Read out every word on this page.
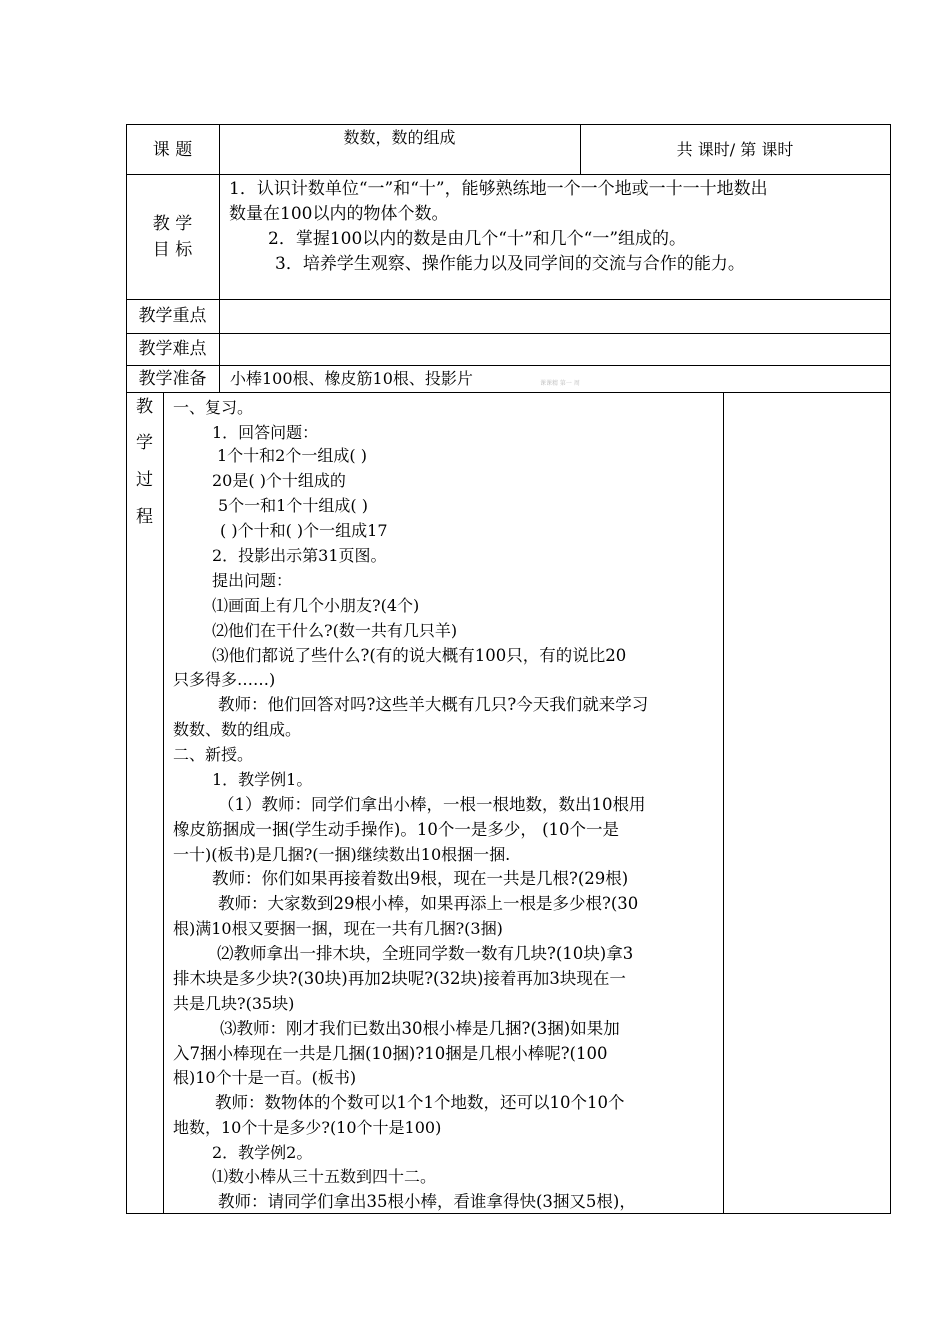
课 题
数数，数的组成
共 课时/ 第 课时
教 学
目 标
1．认识计数单位“一”和“十”，能够熟练地一个一个地或一十一十地数出
数量在100以内的物体个数。
2．掌握100以内的数是由几个“十”和几个“一”组成的。
3．培养学生观察、操作能力以及同学间的交流与合作的能力。
教学重点
教学难点
教学准备	小棒100根、橡皮筋10根、投影片	课课精 第一 周
教
学
过
程
一、复习。
1．回答问题：
1个十和2个一组成( )
20是( )个十组成的
5个一和1个十组成( )
( )个十和( )个一组成17
2．投影出示第31页图。
提出问题：
⑴画面上有几个小朋友?(4个)
⑵他们在干什么?(数一共有几只羊)
⑶他们都说了些什么?(有的说大概有100只，有的说比20
只多得多……)
教师：他们回答对吗?这些羊大概有几只?今天我们就来学习
数数、数的组成。
二、新授。
1．教学例1。
（1）教师：同学们拿出小棒，一根一根地数，数出10根用
橡皮筋捆成一捆(学生动手操作)。10个一是多少， (10个一是
一十)(板书)是几捆?(一捆)继续数出10根捆一捆.
教师：你们如果再接着数出9根，现在一共是几根?(29根)
教师：大家数到29根小棒，如果再添上一根是多少根?(30
根)满10根又要捆一捆，现在一共有几捆?(3捆)
⑵教师拿出一排木块，全班同学数一数有几块?(10块)拿3
排木块是多少块?(30块)再加2块呢?(32块)接着再加3块现在一
共是几块?(35块)
⑶教师：刚才我们已数出30根小棒是几捆?(3捆)如果加
入7捆小棒现在一共是几捆(10捆)?10捆是几根小棒呢?(100
根)10个十是一百。(板书)
教师：数物体的个数可以1个1个地数，还可以10个10个
地数，10个十是多少?(10个十是100)
2．教学例2。
⑴数小棒从三十五数到四十二。
教师：请同学们拿出35根小棒，看谁拿得快(3捆又5根)，
